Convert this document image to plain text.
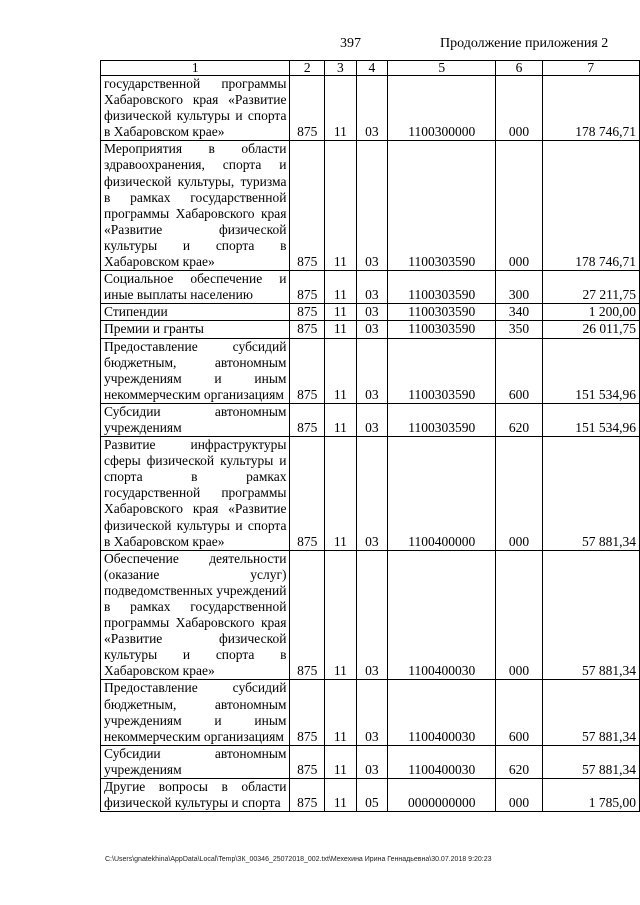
397	Продолжение приложения 2
1	2	3	4	5	6	7
государственной программы Хабаровского края «Развитие физической культуры и спорта в Хабаровском крае»	875	11	03	1100300000	000	178 746,71
Мероприятия в области здравоохранения, спорта и физической культуры, туризма в рамках государственной программы Хабаровского края «Развитие физической культуры и спорта в Хабаровском крае»	875	11	03	1100303590	000	178 746,71
Социальное обеспечение и иные выплаты населению	875	11	03	1100303590	300	27 211,75
Стипендии	875	11	03	1100303590	340	1 200,00
Премии и гранты	875	11	03	1100303590	350	26 011,75
Предоставление субсидий бюджетным, автономным учреждениям и иным некоммерческим организациям	875	11	03	1100303590	600	151 534,96
Субсидии автономным учреждениям	875	11	03	1100303590	620	151 534,96
Развитие инфраструктуры сферы физической культуры и спорта в рамках государственной программы Хабаровского края «Развитие физической культуры и спорта в Хабаровском крае»	875	11	03	1100400000	000	57 881,34
Обеспечение деятельности (оказание услуг) подведомственных учреждений в рамках государственной программы Хабаровского края «Развитие физической культуры и спорта в Хабаровском крае»	875	11	03	1100400030	000	57 881,34
Предоставление субсидий бюджетным, автономным учреждениям и иным некоммерческим организациям	875	11	03	1100400030	600	57 881,34
Субсидии автономным учреждениям	875	11	03	1100400030	620	57 881,34
Другие вопросы в области физической культуры и спорта	875	11	05	0000000000	000	1 785,00
C:\Users\gnatekhina\AppData\Local\Temp\ЗК_00346_25072018_002.txt\Мехехина Ирина Геннадьевна\30.07.2018 9:20:23
